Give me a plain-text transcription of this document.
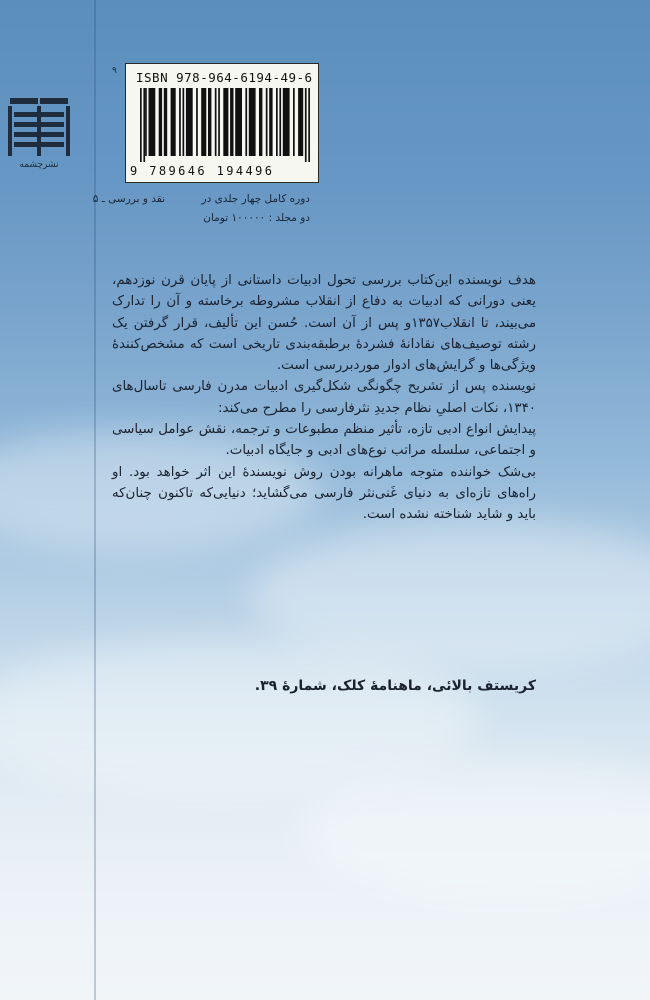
نشرچشمه
۹ ISBN 978-964-6194-49-6
9 789646 194496
دوره کامل چهار جلدی در
نقد و بررسی ـ ۵
دو مجلد : ۱۰۰۰۰۰ تومان

هدف نویسنده این‌کتاب بررسی تحول ادبیات داستانی از پایان قرن نوزدهم، یعنی دورانی که ادبیات به دفاع از انقلاب مشروطه برخاسته و آن را تدارک می‌بیند، تا انقلاب۱۳۵۷و پس از آن است. حُسن این تألیف، قرار گرفتن یک رشته توصیف‌های نقادانهٔ فشردهٔ برطبقه‌بندی تاریخی است که مشخص‌کنندهٔ ویژگی‌ها و گرایش‌های ادوار موردبررسی است.

نویسنده پس از تشریح چگونگی شکل‌گیری ادبیات مدرن فارسی تاسال‌های ۱۳۴۰، نکات اصلیِ نظام جدیدِ نثرفارسی را مطرح می‌کند:

پیدایش انواع ادبی تازه، تأثیر منظم مطبوعات و ترجمه، نقش عوامل سیاسی و اجتماعی، سلسله مراتب نوع‌های ادبی و جایگاه ادبیات.

بی‌شک خواننده متوجه ماهرانه بودن روش نویسندهٔ این اثر خواهد بود. او راه‌های تازه‌ای به دنیای غَنی‌نثر فارسی می‌گشاید؛ دنیایی‌که تاکنون چنان‌که باید و شاید شناخته نشده است.

کریستف بالائی، ماهنامهٔ کلک، شمارهٔ ۳۹.
